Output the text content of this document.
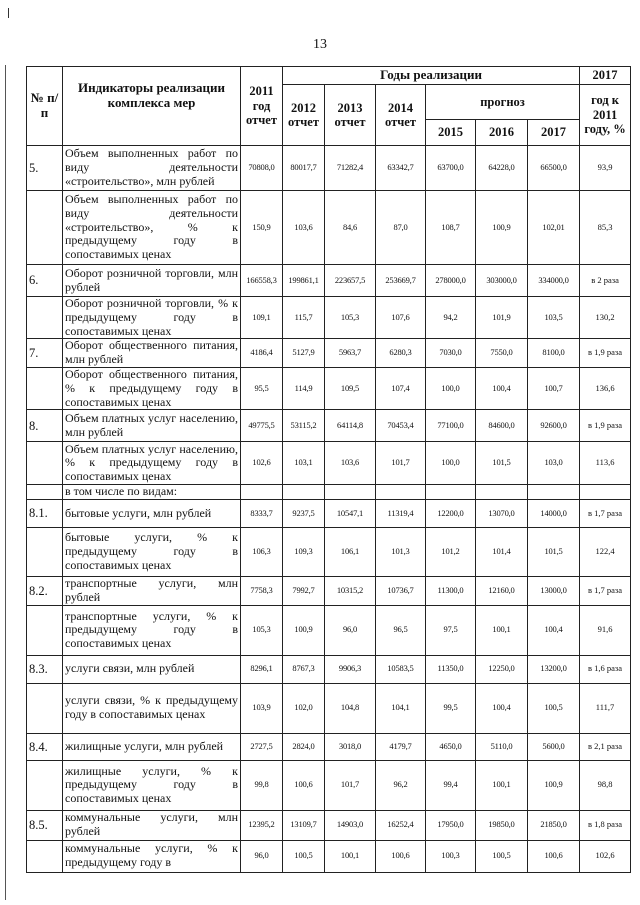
13
№ п/п	Индикаторы реализации комплекса мер	2011 год отчет	Годы реализации						2017
			2012 отчет	2013 отчет	2014 отчет	прогноз			год к 2011 году, %
						2015	2016	2017	
5.	Объем выполненных работ по виду деятельности «строительство», млн рублей	70808,0	80017,7	71282,4	63342,7	63700,0	64228,0	66500,0	93,9
	Объем выполненных работ по виду деятельности «строительство», % к предыдущему году в сопоставимых ценах	150,9	103,6	84,6	87,0	108,7	100,9	102,01	85,3
6.	Оборот розничной торговли, млн рублей	166558,3	199861,1	223657,5	253669,7	278000,0	303000,0	334000,0	в 2 раза
	Оборот розничной торговли, % к предыдущему году в сопоставимых ценах	109,1	115,7	105,3	107,6	94,2	101,9	103,5	130,2
7.	Оборот общественного питания, млн рублей	4186,4	5127,9	5963,7	6280,3	7030,0	7550,0	8100,0	в 1,9 раза
	Оборот общественного питания, % к предыдущему году в сопоставимых ценах	95,5	114,9	109,5	107,4	100,0	100,4	100,7	136,6
8.	Объем платных услуг населению, млн рублей	49775,5	53115,2	64114,8	70453,4	77100,0	84600,0	92600,0	в 1,9 раза
	Объем платных услуг населению, % к предыдущему году в сопоставимых ценах	102,6	103,1	103,6	101,7	100,0	101,5	103,0	113,6
	в том числе по видам:								
8.1.	бытовые услуги, млн рублей	8333,7	9237,5	10547,1	11319,4	12200,0	13070,0	14000,0	в 1,7 раза
	бытовые услуги, % к предыдущему году в сопоставимых ценах	106,3	109,3	106,1	101,3	101,2	101,4	101,5	122,4
8.2.	транспортные услуги, млн рублей	7758,3	7992,7	10315,2	10736,7	11300,0	12160,0	13000,0	в 1,7 раза
	транспортные услуги, % к предыдущему году в сопоставимых ценах	105,3	100,9	96,0	96,5	97,5	100,1	100,4	91,6
8.3.	услуги связи, млн рублей	8296,1	8767,3	9906,3	10583,5	11350,0	12250,0	13200,0	в 1,6 раза
	услуги связи, % к предыдущему году в сопоставимых ценах	103,9	102,0	104,8	104,1	99,5	100,4	100,5	111,7
8.4.	жилищные услуги, млн рублей	2727,5	2824,0	3018,0	4179,7	4650,0	5110,0	5600,0	в 2,1 раза
	жилищные услуги, % к предыдущему году в сопоставимых ценах	99,8	100,6	101,7	96,2	99,4	100,1	100,9	98,8
8.5.	коммунальные услуги, млн рублей	12395,2	13109,7	14903,0	16252,4	17950,0	19850,0	21850,0	в 1,8 раза
	коммунальные услуги, % к предыдущему году в	96,0	100,5	100,1	100,6	100,3	100,5	100,6	102,6
